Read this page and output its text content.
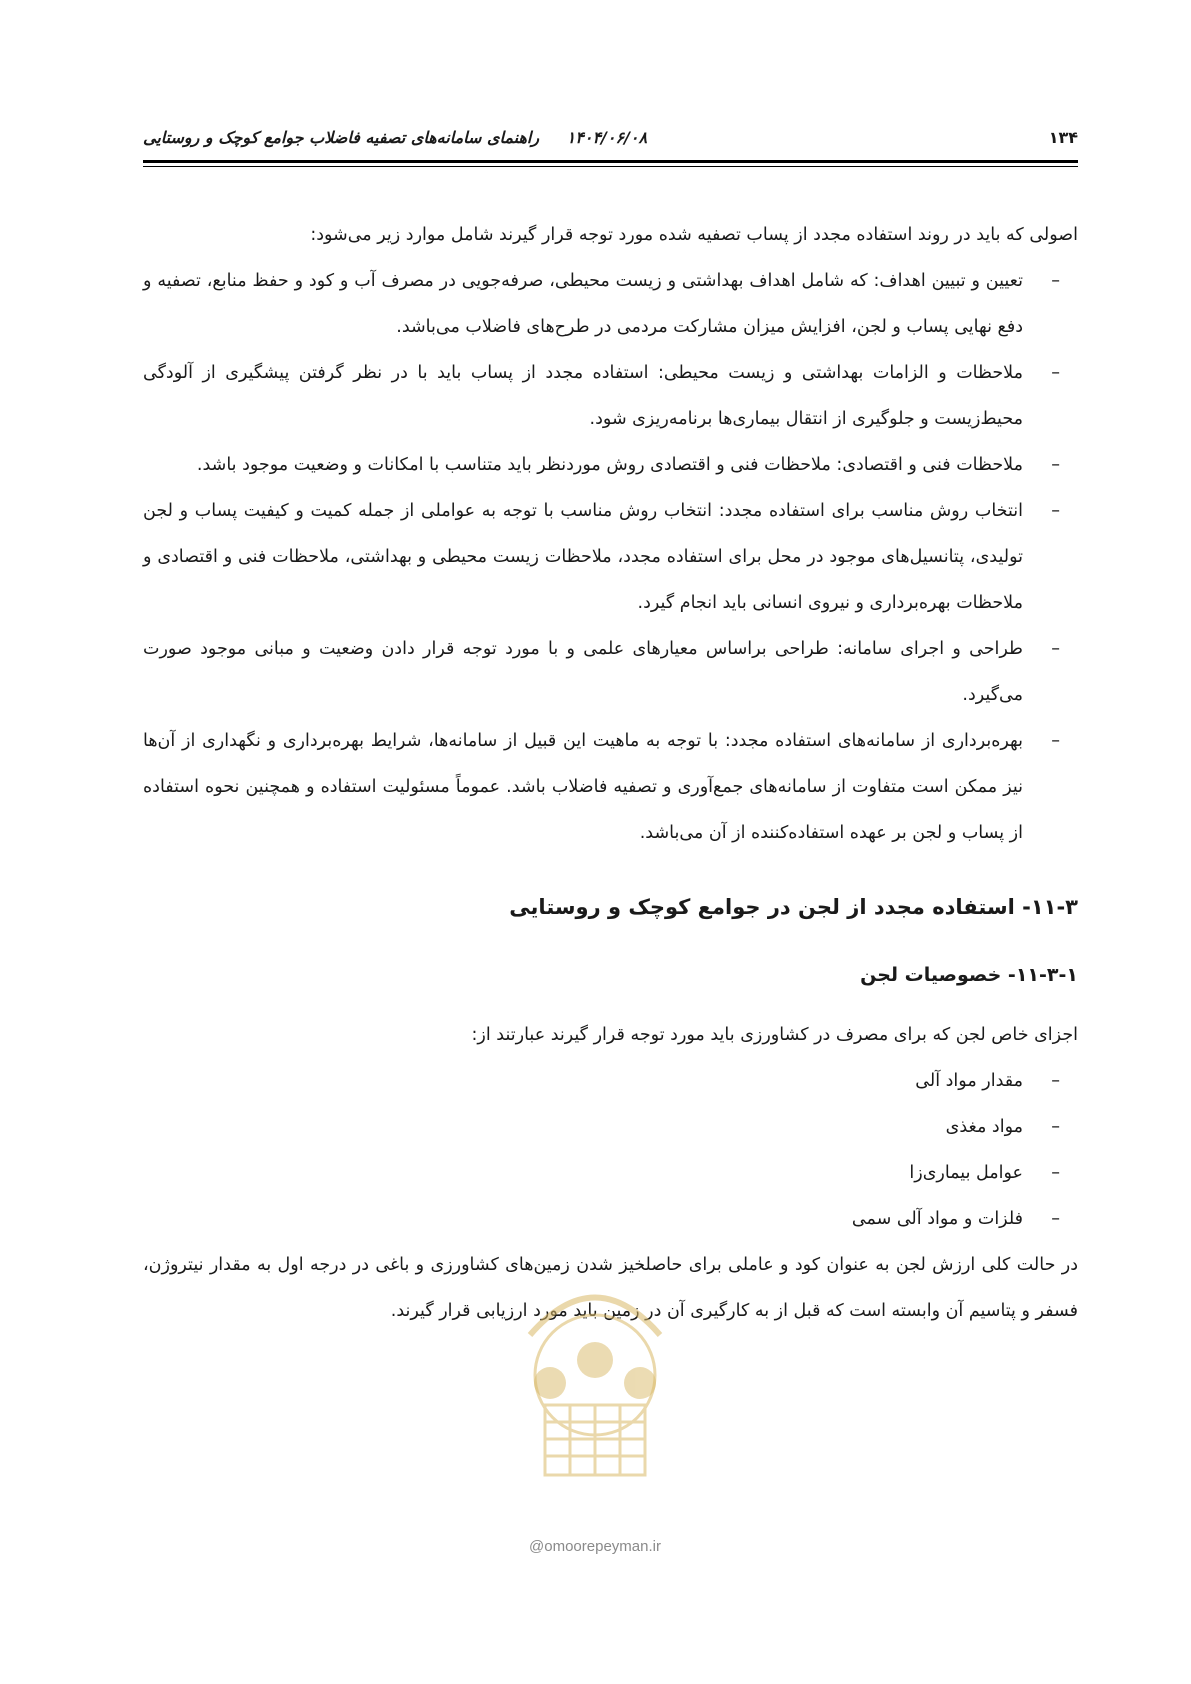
۱۳۴
۱۴۰۴/۰۶/۰۸ راهنمای سامانه‌های تصفیه فاضلاب جوامع کوچک و روستایی

اصولی که باید در روند استفاده مجدد از پساب تصفیه شده مورد توجه قرار گیرند شامل موارد زیر می‌شود:

–
تعیین و تبیین اهداف: که شامل اهداف بهداشتی و زیست محیطی، صرفه‌جویی در مصرف آب و کود و حفظ منابع، تصفیه و دفع نهایی پساب و لجن، افزایش میزان مشارکت مردمی در طرح‌های فاضلاب می‌باشد.
–
ملاحظات و الزامات بهداشتی و زیست محیطی: استفاده مجدد از پساب باید با در نظر گرفتن پیشگیری از آلودگی محیط‌زیست و جلوگیری از انتقال بیماری‌ها برنامه‌ریزی شود.
–
ملاحظات فنی و اقتصادی: ملاحظات فنی و اقتصادی روش موردنظر باید متناسب با امکانات و وضعیت موجود باشد.
–
انتخاب روش مناسب برای استفاده مجدد: انتخاب روش مناسب با توجه به عواملی از جمله کمیت و کیفیت پساب و لجن تولیدی، پتانسیل‌های موجود در محل برای استفاده مجدد، ملاحظات زیست محیطی و بهداشتی، ملاحظات فنی و اقتصادی و ملاحظات بهره‌برداری و نیروی انسانی باید انجام گیرد.
–
طراحی و اجرای سامانه: طراحی براساس معیارهای علمی و با مورد توجه قرار دادن وضعیت و مبانی موجود صورت می‌گیرد.
–
بهره‌برداری از سامانه‌های استفاده مجدد: با توجه به ماهیت این قبیل از سامانه‌ها، شرایط بهره‌برداری و نگهداری از آن‌ها نیز ممکن است متفاوت از سامانه‌های جمع‌آوری و تصفیه فاضلاب باشد. عموماً مسئولیت استفاده و همچنین نحوه استفاده از پساب و لجن بر عهده استفاده‌کننده از آن می‌باشد.
۱۱-۳- استفاده مجدد از لجن در جوامع کوچک و روستایی
۱۱-۳-۱- خصوصیات لجن

اجزای خاص لجن که برای مصرف در کشاورزی باید مورد توجه قرار گیرند عبارتند از:

–
مقدار مواد آلی
–
مواد مغذی
–
عوامل بیماری‌زا
–
فلزات و مواد آلی سمی

در حالت کلی ارزش لجن به عنوان کود و عاملی برای حاصلخیز شدن زمین‌های کشاورزی و باغی در درجه اول به مقدار نیتروژن، فسفر و پتاسیم آن وابسته است که قبل از به کارگیری آن در زمین باید مورد ارزیابی قرار گیرند.

@omoorepeyman.ir
